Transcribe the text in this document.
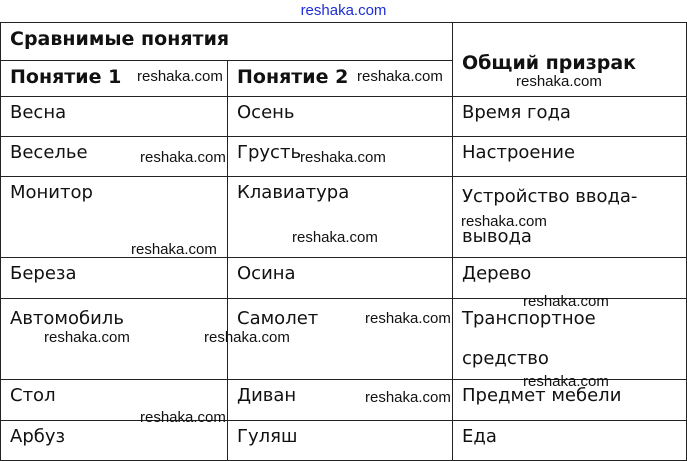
reshaka.com
Сравнимые понятия		Общий призрак
Понятие 1	Понятие 2	
Весна	Осень	Время года
Веселье	Грусть	Настроение
Монитор	Клавиатура	Устройство ввода-вывода
Береза	Осина	Дерево
Автомобиль	Самолет	Транспортное средство
Стол	Диван	Предмет мебели
Арбуз	Гуляш	Еда
reshaka.com	reshaka.com	reshaka.com
reshaka.com	reshaka.com
reshaka.com
reshaka.com
reshaka.com
reshaka.com
reshaka.com
reshaka.com	reshaka.com
reshaka.com
reshaka.com
reshaka.com
